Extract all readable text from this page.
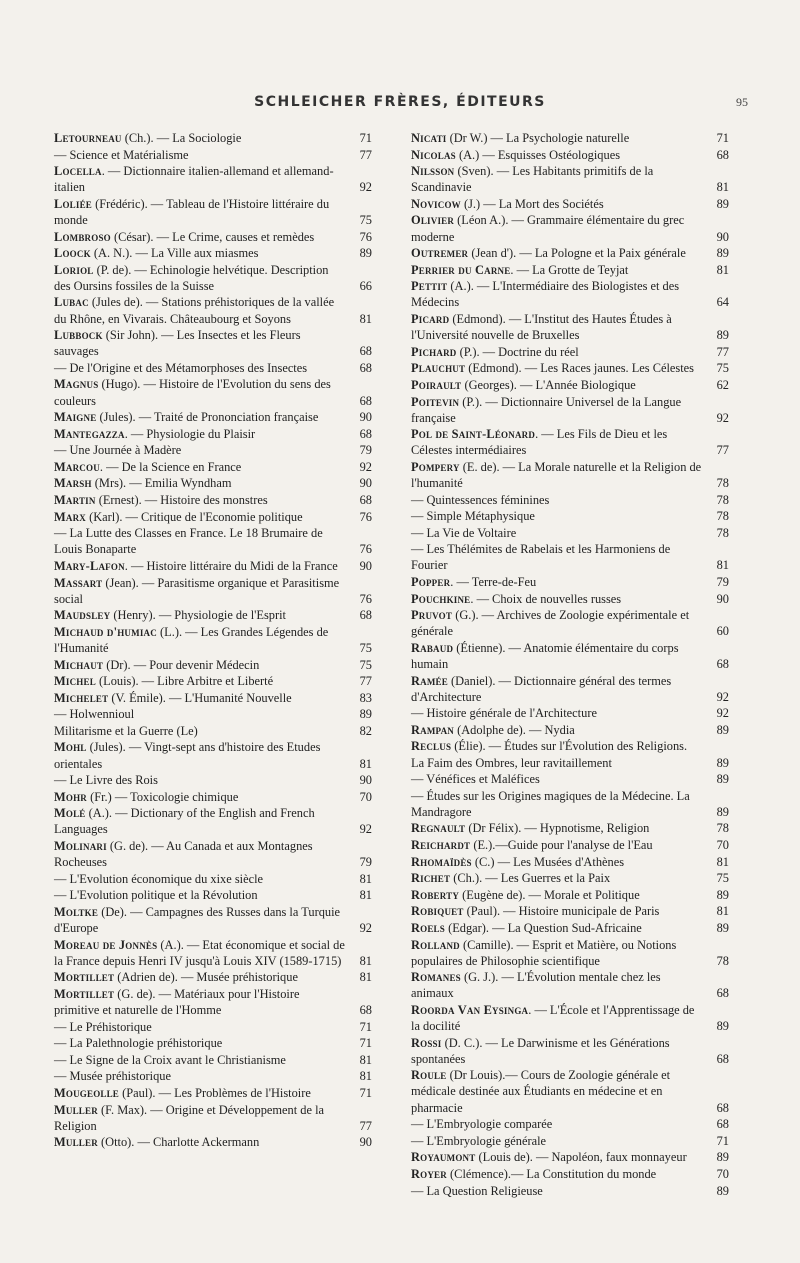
SCHLEICHER FRÈRES, ÉDITEURS	95
Letourneau (Ch.). — La Sociologie	71
— Science et Matérialisme	77
Locella. — Dictionnaire italien-allemand et allemand-italien	92
Loliée (Frédéric). — Tableau de l'Histoire littéraire du monde	75
Lombroso (César). — Le Crime, causes et remèdes	76
Loock (A. N.). — La Ville aux miasmes	89
Loriol (P. de). — Echinologie helvétique. Description des Oursins fossiles de la Suisse	66
Lubac (Jules de). — Stations préhistoriques de la vallée du Rhône, en Vivarais. Châteaubourg et Soyons	81
Lubbock (Sir John). — Les Insectes et les Fleurs sauvages	68
— De l'Origine et des Métamorphoses des Insectes	68
Magnus (Hugo). — Histoire de l'Evolution du sens des couleurs	68
Maigne (Jules). — Traité de Prononciation française	90
Mantegazza. — Physiologie du Plaisir	68
— Une Journée à Madère	79
Marcou. — De la Science en France	92
Marsh (Mrs). — Emilia Wyndham	90
Martin (Ernest). — Histoire des monstres	68
Marx (Karl). — Critique de l'Economie politique	76
— La Lutte des Classes en France. Le 18 Brumaire de Louis Bonaparte	76
Mary-Lafon. — Histoire littéraire du Midi de la France	90
Massart (Jean). — Parasitisme organique et Parasitisme social	76
Maudsley (Henry). — Physiologie de l'Esprit	68
Michaud d'humiac (L.). — Les Grandes Légendes de l'Humanité	75
Michaut (Dr). — Pour devenir Médecin	75
Michel (Louis). — Libre Arbitre et Liberté	77
Michelet (V. Émile). — L'Humanité Nouvelle	83
— Holwennioul	89
Militarisme et la Guerre (Le)	82
Mohl (Jules). — Vingt-sept ans d'histoire des Etudes orientales	81
— Le Livre des Rois	90
Mohr (Fr.) — Toxicologie chimique	70
Molé (A.). — Dictionary of the English and French Languages	92
Molinari (G. de). — Au Canada et aux Montagnes Rocheuses	79
— L'Evolution économique du xixe siècle	81
— L'Evolution politique et la Révolution	81
Moltke (De). — Campagnes des Russes dans la Turquie d'Europe	92
Moreau de Jonnès (A.). — Etat économique et social de la France depuis Henri IV jusqu'à Louis XIV (1589-1715)	81
Mortillet (Adrien de). — Musée préhistorique	81
Mortillet (G. de). — Matériaux pour l'Histoire primitive et naturelle de l'Homme	68
— Le Préhistorique	71
— La Palethnologie préhistorique	71
— Le Signe de la Croix avant le Christianisme	81
— Musée préhistorique	81
Mougeolle (Paul). — Les Problèmes de l'Histoire	71
Muller (F. Max). — Origine et Développement de la Religion	77
Muller (Otto). — Charlotte Ackermann	90
Nicati (Dr W.) — La Psychologie naturelle	71
Nicolas (A.) — Esquisses Ostéologiques	68
Nilsson (Sven). — Les Habitants primitifs de la Scandinavie	81
Novicow (J.) — La Mort des Sociétés	89
Olivier (Léon A.). — Grammaire élémentaire du grec moderne	90
Outremer (Jean d'). — La Pologne et la Paix générale	89
Perrier du Carne. — La Grotte de Teyjat	81
Pettit (A.). — L'Intermédiaire des Biologistes et des Médecins	64
Picard (Edmond). — L'Institut des Hautes Études à l'Université nouvelle de Bruxelles	89
Pichard (P.). — Doctrine du réel	77
Plauchut (Edmond). — Les Races jaunes. Les Célestes	75
Poirault (Georges). — L'Année Biologique	62
Poitevin (P.). — Dictionnaire Universel de la Langue française	92
Pol de Saint-Léonard. — Les Fils de Dieu et les Célestes intermédiaires	77
Pompery (E. de). — La Morale naturelle et la Religion de l'humanité	78
— Quintessences féminines	78
— Simple Métaphysique	78
— La Vie de Voltaire	78
— Les Thélémites de Rabelais et les Harmoniens de Fourier	81
Popper. — Terre-de-Feu	79
Pouchkine. — Choix de nouvelles russes	90
Pruvot (G.). — Archives de Zoologie expérimentale et générale	60
Rabaud (Étienne). — Anatomie élémentaire du corps humain	68
Ramée (Daniel). — Dictionnaire général des termes d'Architecture	92
— Histoire générale de l'Architecture	92
Rampan (Adolphe de). — Nydia	89
Reclus (Élie). — Études sur l'Évolution des Religions. La Faim des Ombres, leur ravitaillement	89
— Vénéfices et Maléfices	89
— Études sur les Origines magiques de la Médecine. La Mandragore	89
Regnault (Dr Félix). — Hypnotisme, Religion	78
Reichardt (E.).—Guide pour l'analyse de l'Eau	70
Rhomaïdès (C.) — Les Musées d'Athènes	81
Richet (Ch.). — Les Guerres et la Paix	75
Roberty (Eugène de). — Morale et Politique	89
Robiquet (Paul). — Histoire municipale de Paris	81
Roels (Edgar). — La Question Sud-Africaine	89
Rolland (Camille). — Esprit et Matière, ou Notions populaires de Philosophie scientifique	78
Romanes (G. J.). — L'Évolution mentale chez les animaux	68
Roorda Van Eysinga. — L'École et l'Apprentissage de la docilité	89
Rossi (D. C.). — Le Darwinisme et les Générations spontanées	68
Roule (Dr Louis).— Cours de Zoologie générale et médicale destinée aux Étudiants en médecine et en pharmacie	68
— L'Embryologie comparée	68
— L'Embryologie générale	71
Royaumont (Louis de). — Napoléon, faux monnayeur	89
Royer (Clémence).— La Constitution du monde	70
— La Question Religieuse	89
